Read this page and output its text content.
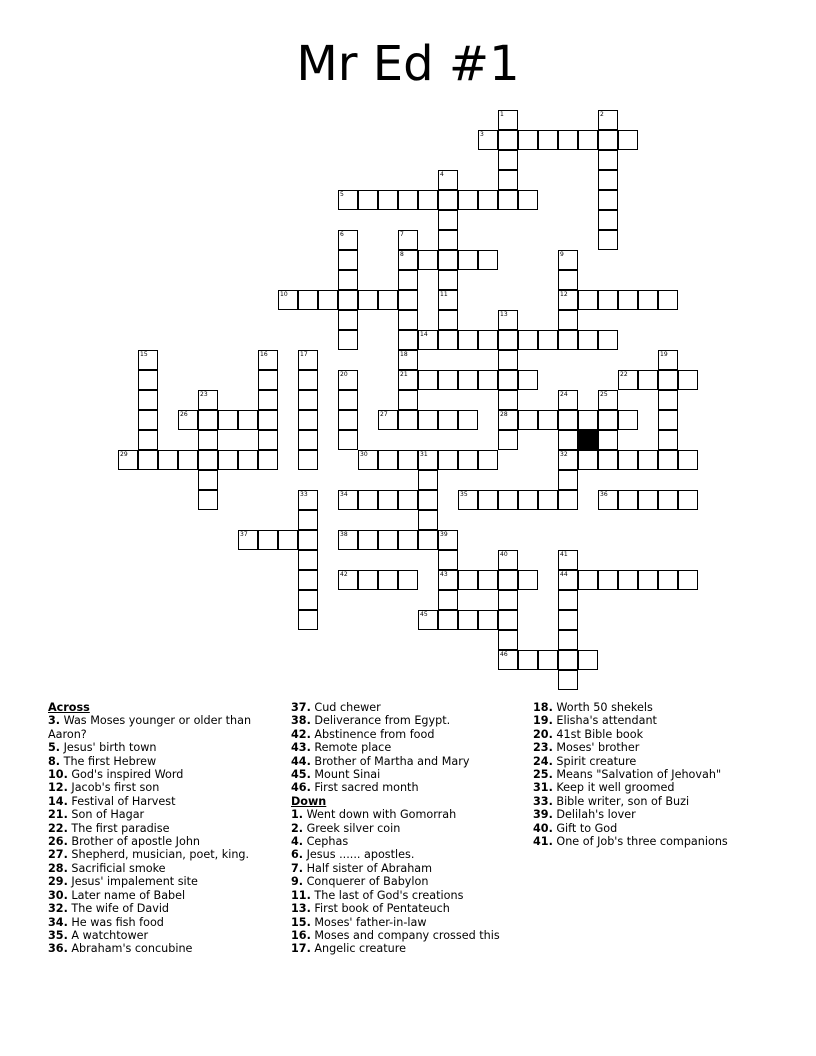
Mr Ed #1
3
5
8
10	12
14
21	22
26	27	28
29	30	31	32
34	35	36
37	38
42	43	44
45
46
1	2
4
6	7
9
11
13
15	16	17	18	19
20
23	24	25
33
39
40	41
Across
3. Was Moses younger or older than Aaron?
5. Jesus' birth town
8. The first Hebrew
10. God's inspired Word
12. Jacob's first son
14. Festival of Harvest
21. Son of Hagar
22. The first paradise
26. Brother of apostle John
27. Shepherd, musician, poet, king.
28. Sacrificial smoke
29. Jesus' impalement site
30. Later name of Babel
32. The wife of David
34. He was fish food
35. A watchtower
36. Abraham's concubine
37. Cud chewer
38. Deliverance from Egypt.
42. Abstinence from food
43. Remote place
44. Brother of Martha and Mary
45. Mount Sinai
46. First sacred month
Down
1. Went down with Gomorrah
2. Greek silver coin
4. Cephas
6. Jesus ...... apostles.
7. Half sister of Abraham
9. Conquerer of Babylon
11. The last of God's creations
13. First book of Pentateuch
15. Moses' father-in-law
16. Moses and company crossed this
17. Angelic creature
18. Worth 50 shekels
19. Elisha's attendant
20. 41st Bible book
23. Moses' brother
24. Spirit creature
25. Means "Salvation of Jehovah"
31. Keep it well groomed
33. Bible writer, son of Buzi
39. Delilah's lover
40. Gift to God
41. One of Job's three companions
